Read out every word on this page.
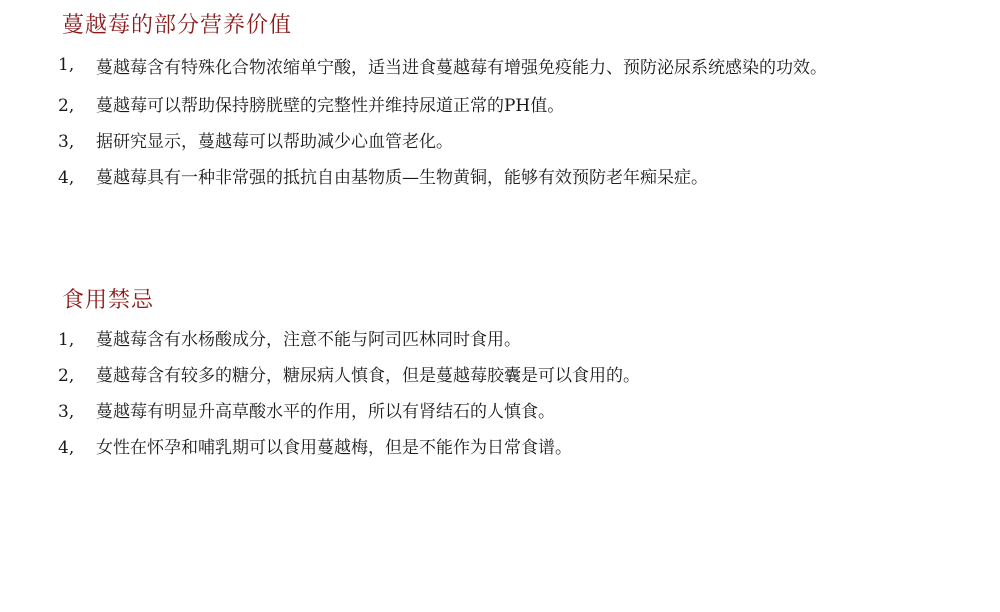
蔓越莓的部分营养价值
1,	蔓越莓含有特殊化合物浓缩单宁酸，适当进食蔓越莓有增强免疫能力、预防泌尿系统感染的功效。
2,	蔓越莓可以帮助保持膀胱壁的完整性并维持尿道正常的PH值。
3,	据研究显示，蔓越莓可以帮助减少心血管老化。
4,	蔓越莓具有一种非常强的抵抗自由基物质—生物黄铜，能够有效预防老年痴呆症。
食用禁忌
1,	蔓越莓含有水杨酸成分，注意不能与阿司匹林同时食用。
2,	蔓越莓含有较多的糖分，糖尿病人慎食，但是蔓越莓胶囊是可以食用的。
3,	蔓越莓有明显升高草酸水平的作用，所以有肾结石的人慎食。
4,	女性在怀孕和哺乳期可以食用蔓越梅，但是不能作为日常食谱。
